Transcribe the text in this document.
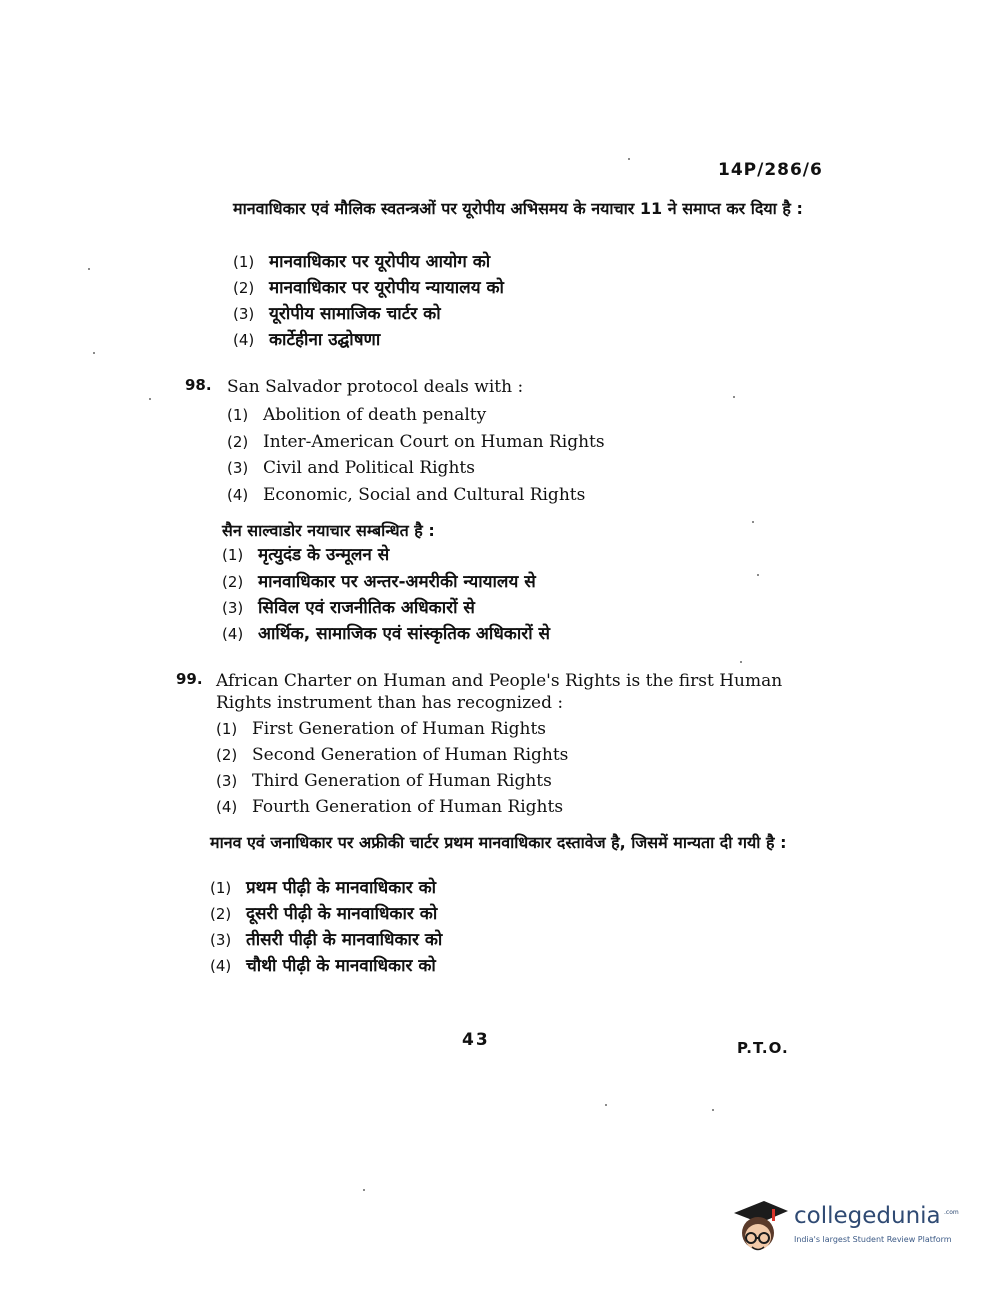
14P/286/6
मानवाधिकार एवं मौलिक स्वतन्त्रओं पर यूरोपीय अभिसमय के नयाचार 11 ने समाप्त कर दिया है :
(1) मानवाधिकार पर यूरोपीय आयोग को
(2) मानवाधिकार पर यूरोपीय न्यायालय को
(3) यूरोपीय सामाजिक चार्टर को
(4) कार्टेहीना उद्घोषणा
98. San Salvador protocol deals with :
(1) Abolition of death penalty
(2) Inter-American Court on Human Rights
(3) Civil and Political Rights
(4) Economic, Social and Cultural Rights
सैन साल्वाडोर नयाचार सम्बन्धित है :
(1) मृत्युदंड के उन्मूलन से
(2) मानवाधिकार पर अन्तर-अमरीकी न्यायालय से
(3) सिविल एवं राजनीतिक अधिकारों से
(4) आर्थिक, सामाजिक एवं सांस्कृतिक अधिकारों से
99. African Charter on Human and People's Rights is the first Human Rights instrument than has recognized :
(1) First Generation of Human Rights
(2) Second Generation of Human Rights
(3) Third Generation of Human Rights
(4) Fourth Generation of Human Rights
मानव एवं जनाधिकार पर अफ्रीकी चार्टर प्रथम मानवाधिकार दस्तावेज है, जिसमें मान्यता दी गयी है :
(1) प्रथम पीढ़ी के मानवाधिकार को
(2) दूसरी पीढ़ी के मानवाधिकार को
(3) तीसरी पीढ़ी के मानवाधिकार को
(4) चौथी पीढ़ी के मानवाधिकार को
43	P.T.O.
collegedunia .com
India's largest Student Review Platform
